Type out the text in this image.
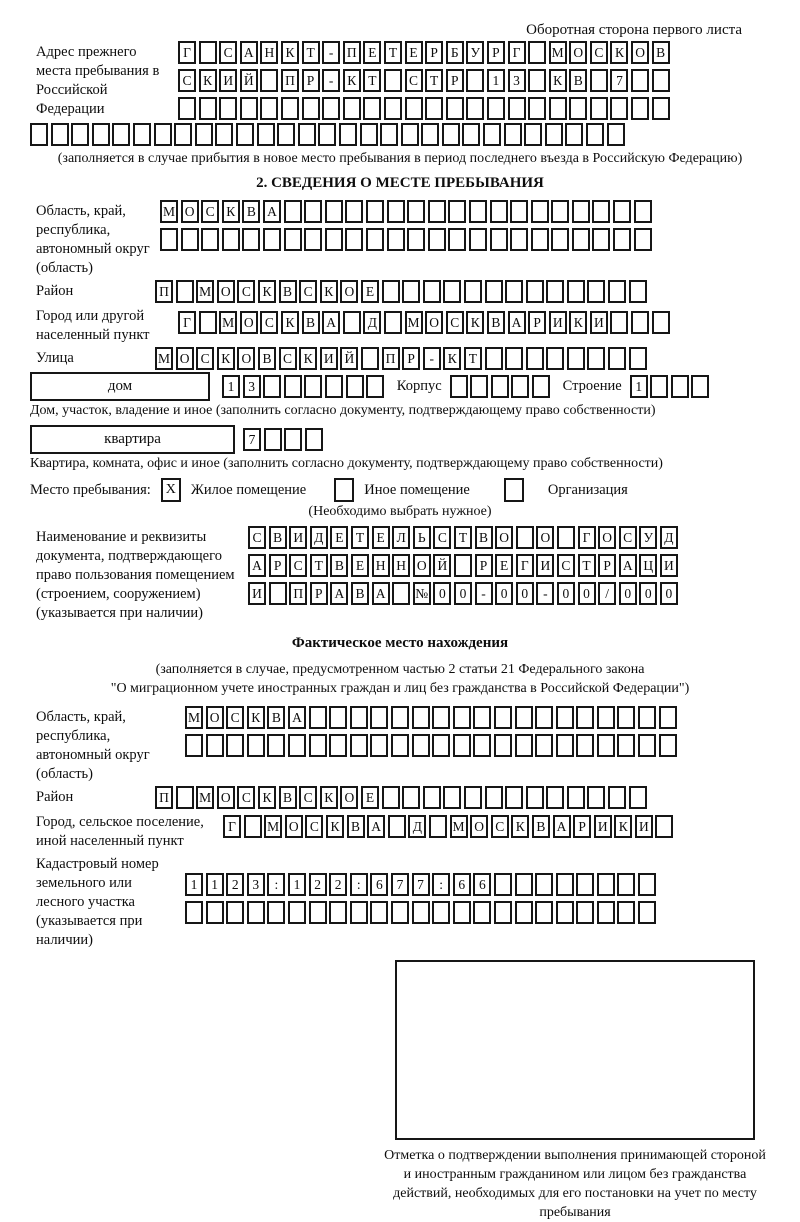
Оборотная сторона первого листа
Адрес прежнего места пребывания в Российской Федерации
Г	С А Н К Т	- П Е Т Е Р Б У Р Г	М О С К О В
С К И Й	П Р	-	К Т	С Т Р	1	3	К В	7
(заполняется в случае прибытия в новое место пребывания в период последнего въезда в Российскую Федерацию)
2. СВЕДЕНИЯ О МЕСТЕ ПРЕБЫВАНИЯ
Область, край, республика, автономный округ (область)
М О С К В А
Район	П	М О С К В С К О Е
Город или другой населенный пункт
Г	М О С К В А	Д	М О С К В А Р И К И
Улица	М О С К О В С К И Й	П Р	-	К Т
дом	1	3	Корпус	Строение	1
Дом, участок, владение и иное (заполнить согласно документу, подтверждающему право собственности)
квартира	7
Квартира, комната, офис и иное (заполнить согласно документу, подтверждающему право собственности)
Место пребывания:	X	Жилое помещение	Иное помещение	Организация
(Необходимо выбрать нужное)
Наименование и реквизиты документа, подтверждающего право пользования помещением (строением, сооружением) (указывается при наличии)
С В И Д Е Т Е Л Ь С Т В О	О	Г О С У Д
А Р С Т В Е Н Н О Й	Р Е Г И С Т Р А Ц И
И	П Р А В А	№ 0	0	-	0	0	-	0	0	/	0	0	0
Фактическое место нахождения
(заполняется в случае, предусмотренном частью 2 статьи 21 Федерального закона
"О миграционном учете иностранных граждан и лиц без гражданства в Российской Федерации")
Область, край, республика, автономный округ (область)
М О С К В А
Район	П	М О С К В С К О Е
Город, сельское поселение, иной населенный пункт
Г	М О С К В А	Д	М О С К В А Р И К И
Кадастровый номер земельного или лесного участка (указывается при наличии)
1	1	2	3	:	1	2	2	:	6	7	7	:	6	6
Отметка о подтверждении выполнения принимающей стороной и иностранным гражданином или лицом без гражданства действий, необходимых для его постановки на учет по месту пребывания
